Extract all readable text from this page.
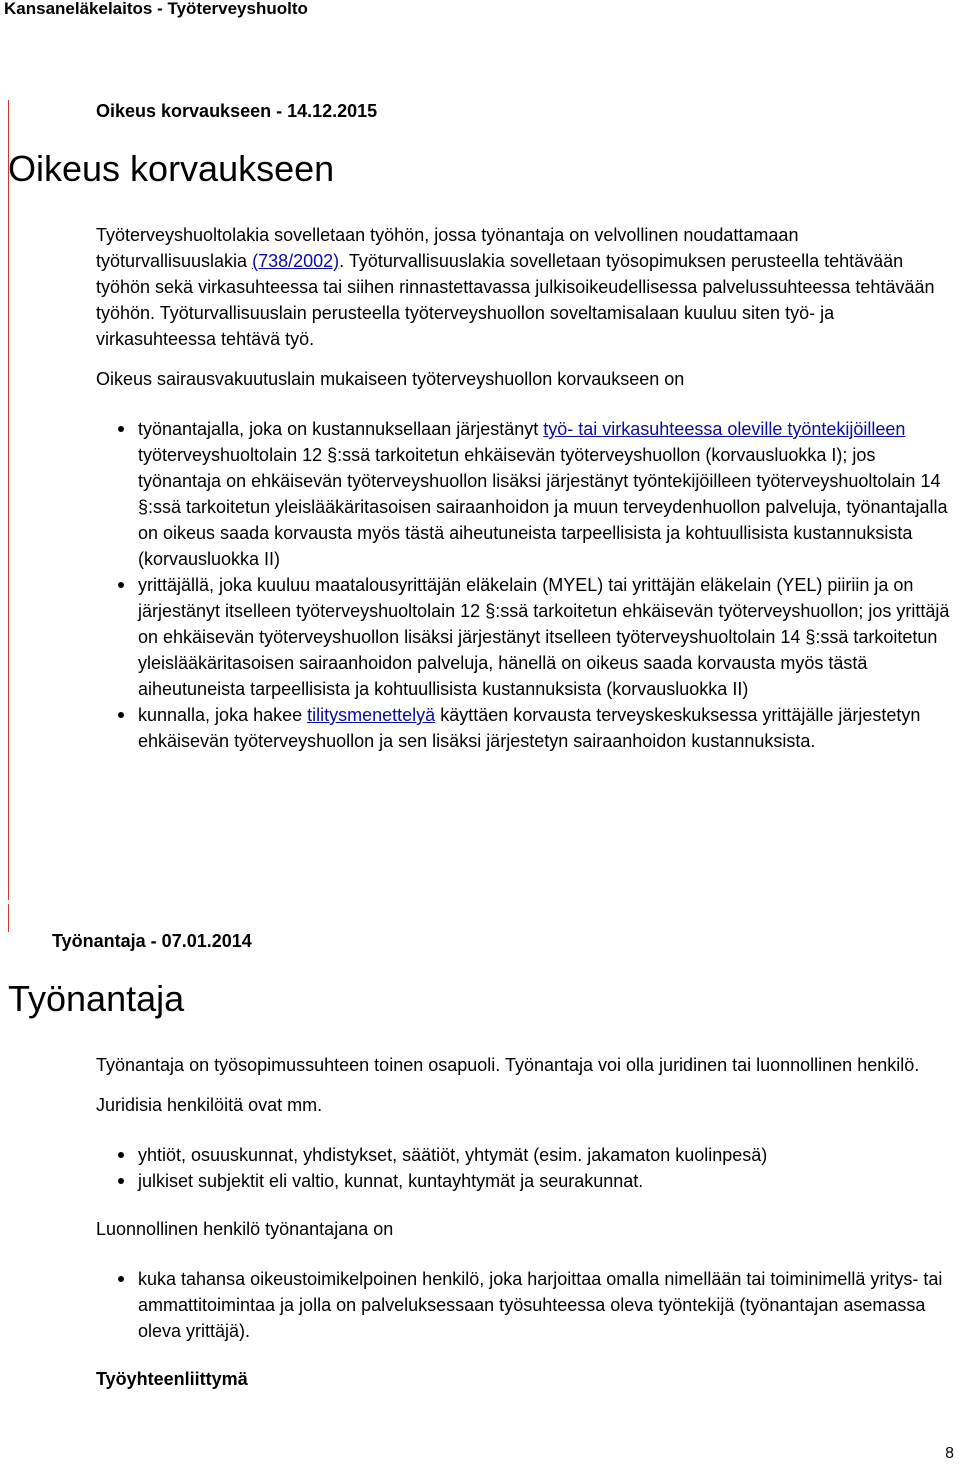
Kansaneläkelaitos - Työterveyshuolto
Oikeus korvaukseen - 14.12.2015
Oikeus korvaukseen

Työterveyshuoltolakia sovelletaan työhön, jossa työnantaja on velvollinen noudattamaan työturvallisuuslakia (738/2002). Työturvallisuuslakia sovelletaan työsopimuksen perusteella tehtävään työhön sekä virkasuhteessa tai siihen rinnastettavassa julkisoikeudellisessa palvelussuhteessa tehtävään työhön. Työturvallisuuslain perusteella työterveyshuollon soveltamisalaan kuuluu siten työ- ja virkasuhteessa tehtävä työ.

Oikeus sairausvakuutuslain mukaiseen työterveyshuollon korvaukseen on

työnantajalla, joka on kustannuksellaan järjestänyt työ- tai virkasuhteessa oleville työntekijöilleen työterveyshuoltolain 12 §:ssä tarkoitetun ehkäisevän työterveyshuollon (korvausluokka I); jos työnantaja on ehkäisevän työterveyshuollon lisäksi järjestänyt työntekijöilleen työterveyshuoltolain 14 §:ssä tarkoitetun yleislääkäritasoisen sairaanhoidon ja muun terveydenhuollon palveluja, työnantajalla on oikeus saada korvausta myös tästä aiheutuneista tarpeellisista ja kohtuullisista kustannuksista (korvausluokka II)
yrittäjällä, joka kuuluu maatalousyrittäjän eläkelain (MYEL) tai yrittäjän eläkelain (YEL) piiriin ja on järjestänyt itselleen työterveyshuoltolain 12 §:ssä tarkoitetun ehkäisevän työterveyshuollon; jos yrittäjä on ehkäisevän työterveyshuollon lisäksi järjestänyt itselleen työterveyshuoltolain 14 §:ssä tarkoitetun yleislääkäritasoisen sairaanhoidon palveluja, hänellä on oikeus saada korvausta myös tästä aiheutuneista tarpeellisista ja kohtuullisista kustannuksista (korvausluokka II)
kunnalla, joka hakee tilitysmenettelyä käyttäen korvausta terveyskeskuksessa yrittäjälle järjestetyn ehkäisevän työterveyshuollon ja sen lisäksi järjestetyn sairaanhoidon kustannuksista.
Työnantaja - 07.01.2014
Työnantaja

Työnantaja on työsopimussuhteen toinen osapuoli. Työnantaja voi olla juridinen tai luonnollinen henkilö.

Juridisia henkilöitä ovat mm.

yhtiöt, osuuskunnat, yhdistykset, säätiöt, yhtymät (esim. jakamaton kuolinpesä)
julkiset subjektit eli valtio, kunnat, kuntayhtymät ja seurakunnat.

Luonnollinen henkilö työnantajana on

kuka tahansa oikeustoimikelpoinen henkilö, joka harjoittaa omalla nimellään tai toiminimellä yritys- tai ammattitoimintaa ja jolla on palveluksessaan työsuhteessa oleva työntekijä (työnantajan asemassa oleva yrittäjä).

Työyhteenliittymä

8
